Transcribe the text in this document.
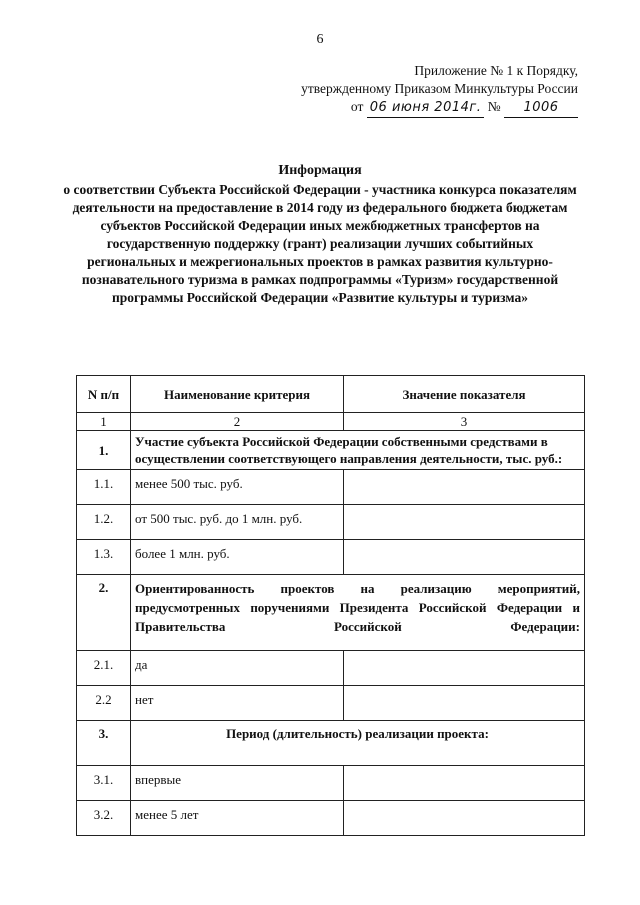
6
Приложение № 1 к Порядку,
утвержденному Приказом Минкультуры России
от 06 июня 2014г. № 1006
Информация
о соответствии Субъекта Российской Федерации - участника конкурса показателям деятельности на предоставление в 2014 году из федерального бюджета бюджетам субъектов Российской Федерации иных межбюджетных трансфертов на государственную поддержку (грант) реализации лучших событийных региональных и межрегиональных проектов в рамках развития культурно-познавательного туризма в рамках подпрограммы «Туризм» государственной программы Российской Федерации «Развитие культуры и туризма»
N п/п	Наименование критерия	Значение показателя
1	2	3
1.	Участие субъекта Российской Федерации собственными средствами в осуществлении соответствующего направления деятельности, тыс. руб.:	
1.1.	менее 500 тыс. руб.	
1.2.	от 500 тыс. руб. до 1 млн. руб.	
1.3.	более 1 млн. руб.	
2.	Ориентированность проектов на реализацию мероприятий, предусмотренных поручениями Президента Российской Федерации и Правительства Российской Федерации:	
2.1.	да	
2.2	нет	
3.	Период (длительность) реализации проекта:	
3.1.	впервые	
3.2.	менее 5 лет	
